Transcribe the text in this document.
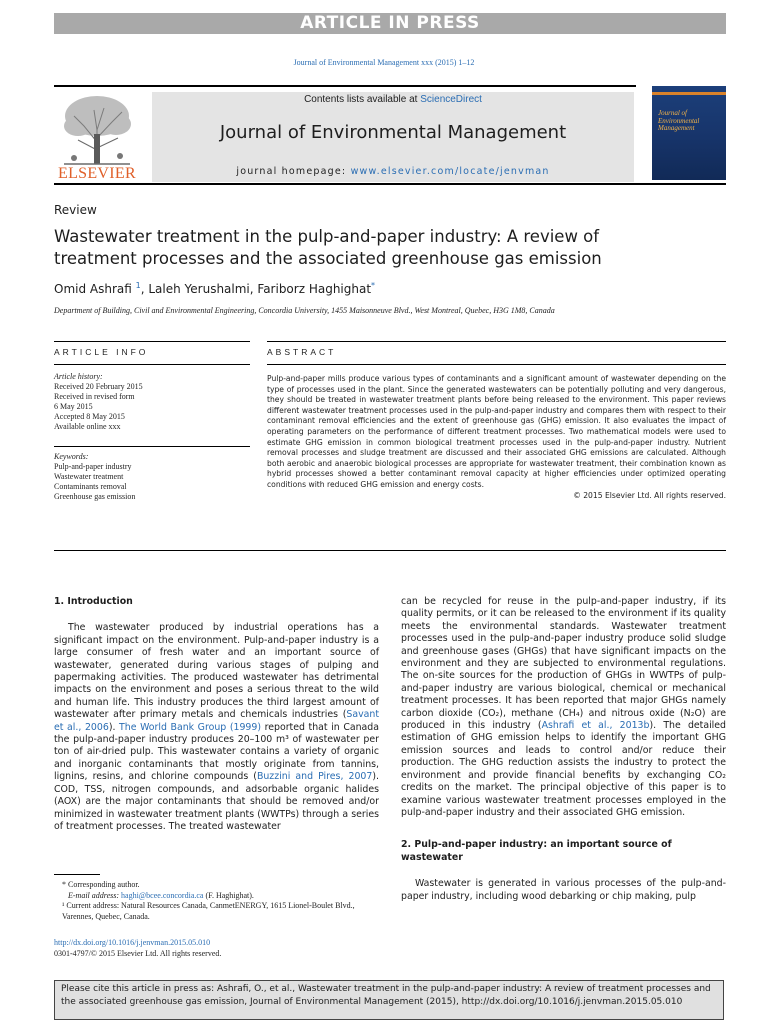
ARTICLE IN PRESS
Journal of Environmental Management xxx (2015) 1–12
ELSEVIER
Contents lists available at ScienceDirect
Journal of Environmental Management
journal homepage: www.elsevier.com/locate/jenvman
Journal of Environmental Management
Review
Wastewater treatment in the pulp-and-paper industry: A review of treatment processes and the associated greenhouse gas emission
Omid Ashrafi $^1$, Laleh Yerushalmi, Fariborz Haghighat*
Department of Building, Civil and Environmental Engineering, Concordia University, 1455 Maisonneuve Blvd., West Montreal, Quebec, H3G 1M8, Canada
ARTICLE INFO	ABSTRACT
Article history:
Received 20 February 2015
Received in revised form
6 May 2015
Accepted 8 May 2015
Available online xxx
Keywords:
Pulp-and-paper industry
Wastewater treatment
Contaminants removal
Greenhouse gas emission
Pulp-and-paper mills produce various types of contaminants and a significant amount of wastewater depending on the type of processes used in the plant. Since the generated wastewaters can be potentially polluting and very dangerous, they should be treated in wastewater treatment plants before being released to the environment. This paper reviews different wastewater treatment processes used in the pulp-and-paper industry and compares them with respect to their contaminant removal efficiencies and the extent of greenhouse gas (GHG) emission. It also evaluates the impact of operating parameters on the performance of different treatment processes. Two mathematical models were used to estimate GHG emission in common biological treatment processes used in the pulp-and-paper industry. Nutrient removal processes and sludge treatment are discussed and their associated GHG emissions are calculated. Although both aerobic and anaerobic biological processes are appropriate for wastewater treatment, their combination known as hybrid processes showed a better contaminant removal capacity at higher efficiencies under optimized operating conditions with reduced GHG emission and energy costs.
© 2015 Elsevier Ltd. All rights reserved.
1. Introduction
The wastewater produced by industrial operations has a significant impact on the environment. Pulp-and-paper industry is a large consumer of fresh water and an important source of wastewater, generated during various stages of pulping and papermaking activities. The produced wastewater has detrimental impacts on the environment and poses a serious threat to the wild and human life. This industry produces the third largest amount of wastewater after primary metals and chemicals industries (Savant et al., 2006). The World Bank Group (1999) reported that in Canada the pulp-and-paper industry produces 20–100 m³ of wastewater per ton of air-dried pulp. This wastewater contains a variety of organic and inorganic contaminants that mostly originate from tannins, lignins, resins, and chlorine compounds (Buzzini and Pires, 2007). COD, TSS, nitrogen compounds, and adsorbable organic halides (AOX) are the major contaminants that should be removed and/or minimized in wastewater treatment plants (WWTPs) through a series of treatment processes. The treated wastewater
can be recycled for reuse in the pulp-and-paper industry, if its quality permits, or it can be released to the environment if its quality meets the environmental standards. Wastewater treatment processes used in the pulp-and-paper industry produce solid sludge and greenhouse gases (GHGs) that have significant impacts on the environment and they are subjected to environmental regulations. The on-site sources for the production of GHGs in WWTPs of pulp-and-paper industry are various biological, chemical or mechanical treatment processes. It has been reported that major GHGs namely carbon dioxide (CO₂), methane (CH₄) and nitrous oxide (N₂O) are produced in this industry (Ashrafi et al., 2013b). The detailed estimation of GHG emission helps to identify the important GHG emission sources and leads to control and/or reduce their production. The GHG reduction assists the industry to protect the environment and provide financial benefits by exchanging CO₂ credits on the market. The principal objective of this paper is to examine various wastewater treatment processes employed in the pulp-and-paper industry and their associated GHG emission.
2. Pulp-and-paper industry: an important source of wastewater
Wastewater is generated in various processes of the pulp-and-paper industry, including wood debarking or chip making, pulp
* Corresponding author.
E-mail address: haghi@bcee.concordia.ca (F. Haghighat).
¹ Current address: Natural Resources Canada, CanmetENERGY, 1615 Lionel-Boulet Blvd., Varennes, Quebec, Canada.
http://dx.doi.org/10.1016/j.jenvman.2015.05.010
0301-4797/© 2015 Elsevier Ltd. All rights reserved.
Please cite this article in press as: Ashrafi, O., et al., Wastewater treatment in the pulp-and-paper industry: A review of treatment processes and the associated greenhouse gas emission, Journal of Environmental Management (2015), http://dx.doi.org/10.1016/j.jenvman.2015.05.010
